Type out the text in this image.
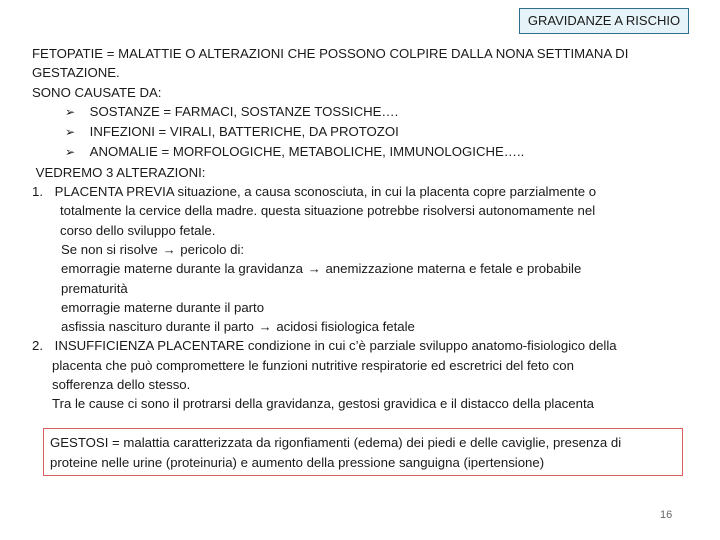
GRAVIDANZE A RISCHIO
FETOPATIE = MALATTIE O ALTERAZIONI CHE POSSONO COLPIRE DALLA NONA SETTIMANA DI
GESTAZIONE.
SONO CAUSATE DA:
➢ SOSTANZE = FARMACI, SOSTANZE TOSSICHE….
➢ INFEZIONI = VIRALI, BATTERICHE, DA PROTOZOI
➢ ANOMALIE = MORFOLOGICHE, METABOLICHE, IMMUNOLOGICHE…..
VEDREMO 3 ALTERAZIONI:
1. PLACENTA PREVIA situazione, a causa sconosciuta, in cui la placenta copre parzialmente o
totalmente la cervice della madre. questa situazione potrebbe risolversi autonomamente nel
corso dello sviluppo fetale.
Se non si risolve → pericolo di:
emorragie materne durante la gravidanza → anemizzazione materna e fetale e probabile
prematurità
emorragie materne durante il parto
asfissia nascituro durante il parto → acidosi fisiologica fetale
2. INSUFFICIENZA PLACENTARE condizione in cui c’è parziale sviluppo anatomo-fisiologico della
placenta che può compromettere le funzioni nutritive respiratorie ed escretrici del feto con
sofferenza dello stesso.
Tra le cause ci sono il protrarsi della gravidanza, gestosi gravidica e il distacco della placenta
GESTOSI = malattia caratterizzata da rigonfiamenti (edema) dei piedi e delle caviglie, presenza di
proteine nelle urine (proteinuria) e aumento della pressione sanguigna (ipertensione)
16
